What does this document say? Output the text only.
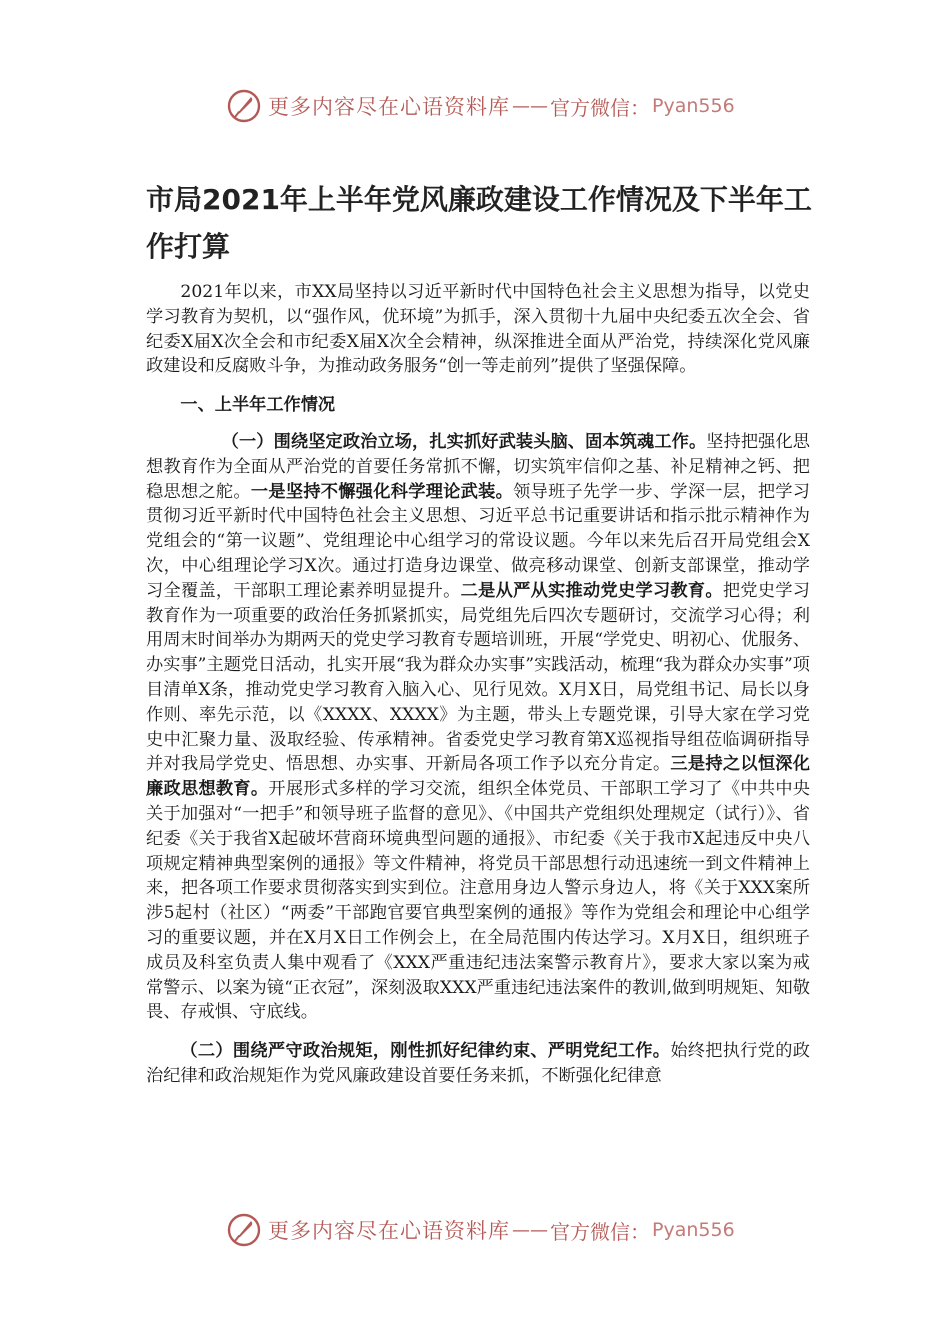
更多内容尽在心语资料库 —— 官方微信： Pyan556
市局2021年上半年党风廉政建设工作情况及下半年工作打算

2021年以来，市XX局坚持以习近平新时代中国特色社会主义思想为指导，以党史学习教育为契机，以“强作风，优环境”为抓手，深入贯彻十九届中央纪委五次全会、省纪委X届X次全会和市纪委X届X次全会精神，纵深推进全面从严治党，持续深化党风廉政建设和反腐败斗争，为推动政务服务“创一等走前列”提供了坚强保障。

一、上半年工作情况

（一）围绕坚定政治立场，扎实抓好武装头脑、固本筑魂工作。坚持把强化思想教育作为全面从严治党的首要任务常抓不懈，切实筑牢信仰之基、补足精神之钙、把稳思想之舵。一是坚持不懈强化科学理论武装。领导班子先学一步、学深一层，把学习贯彻习近平新时代中国特色社会主义思想、习近平总书记重要讲话和指示批示精神作为党组会的“第一议题”、党组理论中心组学习的常设议题。今年以来先后召开局党组会X次，中心组理论学习X次。通过打造身边课堂、做亮移动课堂、创新支部课堂，推动学习全覆盖，干部职工理论素养明显提升。二是从严从实推动党史学习教育。把党史学习教育作为一项重要的政治任务抓紧抓实，局党组先后四次专题研讨，交流学习心得；利用周末时间举办为期两天的党史学习教育专题培训班，开展“学党史、明初心、优服务、办实事”主题党日活动，扎实开展“我为群众办实事”实践活动，梳理“我为群众办实事”项目清单X条，推动党史学习教育入脑入心、见行见效。X月X日，局党组书记、局长以身作则、率先示范，以《XXXX、XXXX》为主题，带头上专题党课，引导大家在学习党史中汇聚力量、汲取经验、传承精神。省委党史学习教育第X巡视指导组莅临调研指导并对我局学党史、悟思想、办实事、开新局各项工作予以充分肯定。三是持之以恒深化廉政思想教育。开展形式多样的学习交流，组织全体党员、干部职工学习了《中共中央关于加强对“一把手”和领导班子监督的意见》、《中国共产党组织处理规定（试行）》、省纪委《关于我省X起破坏营商环境典型问题的通报》、市纪委《关于我市X起违反中央八项规定精神典型案例的通报》等文件精神，将党员干部思想行动迅速统一到文件精神上来，把各项工作要求贯彻落实到实到位。注意用身边人警示身边人，将《关于XXX案所涉5起村（社区）“两委”干部跑官要官典型案例的通报》等作为党组会和理论中心组学习的重要议题，并在X月X日工作例会上，在全局范围内传达学习。X月X日，组织班子成员及科室负责人集中观看了《XXX严重违纪违法案警示教育片》，要求大家以案为戒常警示、以案为镜“正衣冠”，深刻汲取XXX严重违纪违法案件的教训,做到明规矩、知敬畏、存戒惧、守底线。

（二）围绕严守政治规矩，刚性抓好纪律约束、严明党纪工作。始终把执行党的政治纪律和政治规矩作为党风廉政建设首要任务来抓，不断强化纪律意

更多内容尽在心语资料库 —— 官方微信： Pyan556
